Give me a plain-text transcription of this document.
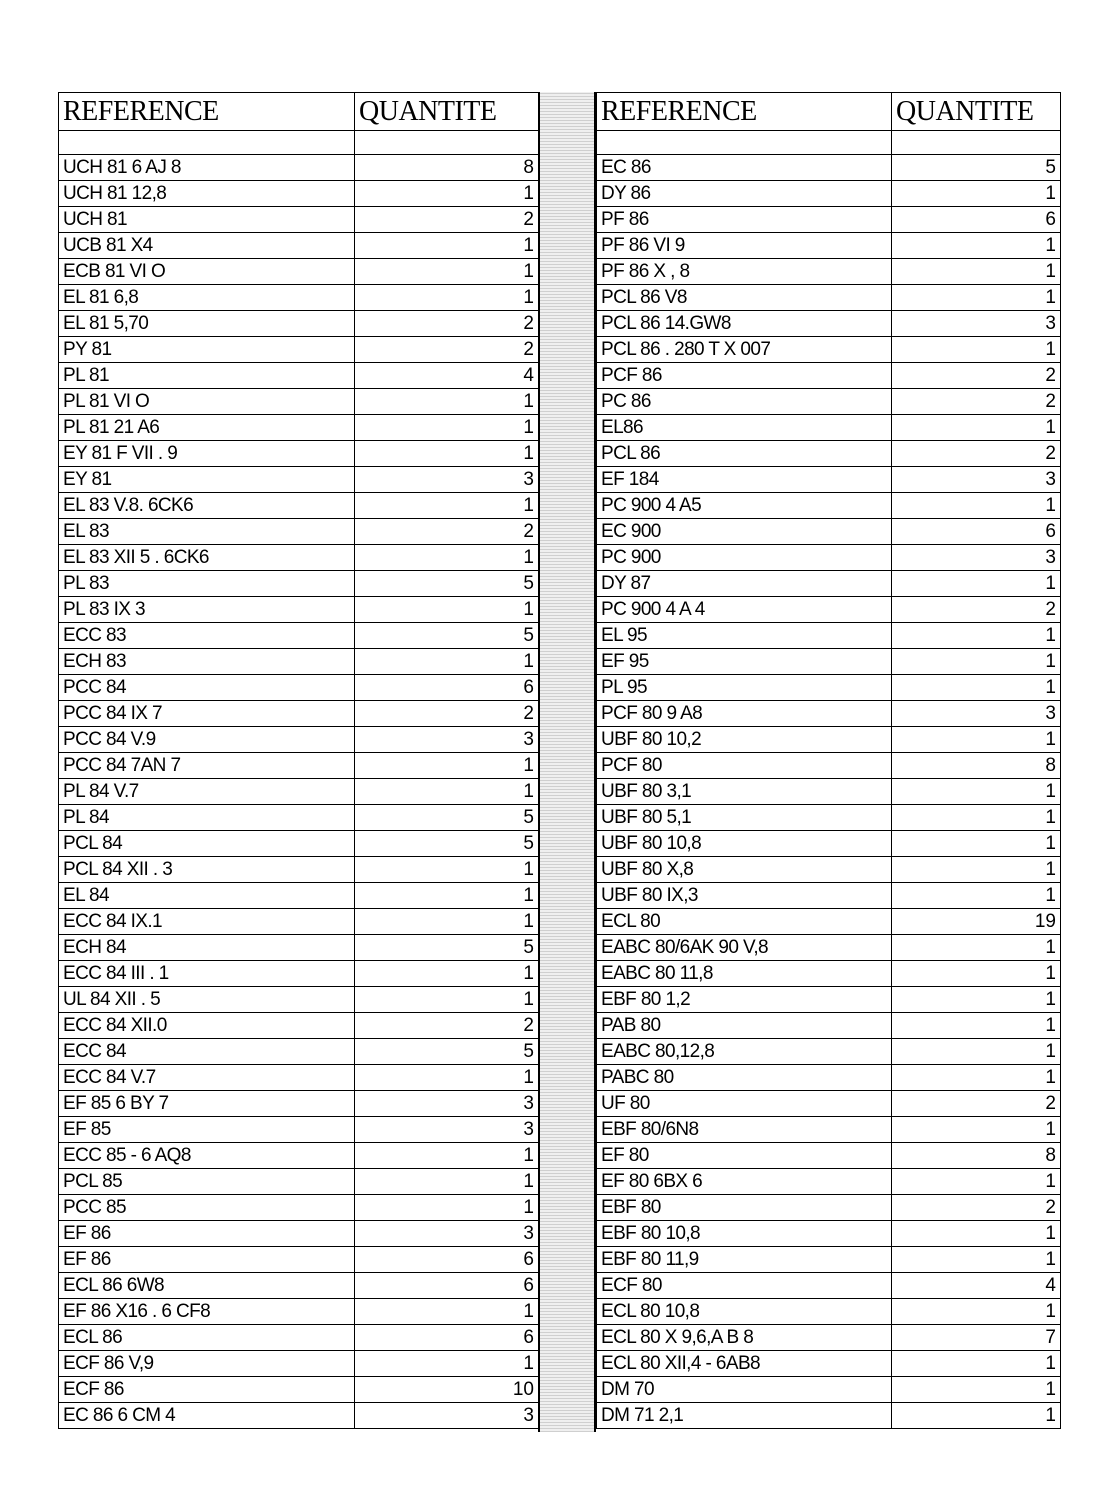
REFERENCE	QUANTITE

UCH 81 6 AJ 8	8
UCH 81 12,8	1
UCH 81	2
UCB 81 X4	1
ECB 81 VI O	1
EL 81 6,8	1
EL 81 5,70	2
PY 81	2
PL 81	4
PL 81 VI O	1
PL 81 21 A6	1
EY 81 F VII . 9	1
EY 81	3
EL 83 V.8. 6CK6	1
EL 83	2
EL 83 XII 5 . 6CK6	1
PL 83	5
PL 83 IX 3	1
ECC 83	5
ECH 83	1
PCC 84	6
PCC 84 IX 7	2
PCC 84 V.9	3
PCC 84 7AN 7	1
PL 84 V.7	1
PL 84	5
PCL 84	5
PCL 84 XII . 3	1
EL 84	1
ECC 84 IX.1	1
ECH 84	5
ECC 84 III . 1	1
UL 84 XII . 5	1
ECC 84 XII.0	2
ECC 84	5
ECC 84 V.7	1
EF 85 6 BY 7	3
EF 85	3
ECC 85 - 6 AQ8	1
PCL 85	1
PCC 85	1
EF 86	3
EF 86	6
ECL 86 6W8	6
EF 86 X16 . 6 CF8	1
ECL 86	6
ECF 86 V,9	1
ECF 86	10
EC 86 6 CM 4	3
REFERENCE	QUANTITE

EC 86	5
DY 86	1
PF 86	6
PF 86 VI 9	1
PF 86 X , 8	1
PCL 86 V8	1
PCL 86 14.GW8	3
PCL 86 . 280 T X 007	1
PCF 86	2
PC 86	2
EL86	1
PCL 86	2
EF 184	3
PC 900 4 A5	1
EC 900	6
PC 900	3
DY 87	1
PC 900 4 A 4	2
EL 95	1
EF 95	1
PL 95	1
PCF 80 9 A8	3
UBF 80 10,2	1
PCF 80	8
UBF 80 3,1	1
UBF 80 5,1	1
UBF 80 10,8	1
UBF 80 X,8	1
UBF 80 IX,3	1
ECL 80	19
EABC 80/6AK 90 V,8	1
EABC 80 11,8	1
EBF 80 1,2	1
PAB 80	1
EABC 80,12,8	1
PABC 80	1
UF 80	2
EBF 80/6N8	1
EF 80	8
EF 80 6BX 6	1
EBF 80	2
EBF 80 10,8	1
EBF 80 11,9	1
ECF 80	4
ECL 80 10,8	1
ECL 80 X 9,6,A B 8	7
ECL 80 XII,4 - 6AB8	1
DM 70	1
DM 71 2,1	1
